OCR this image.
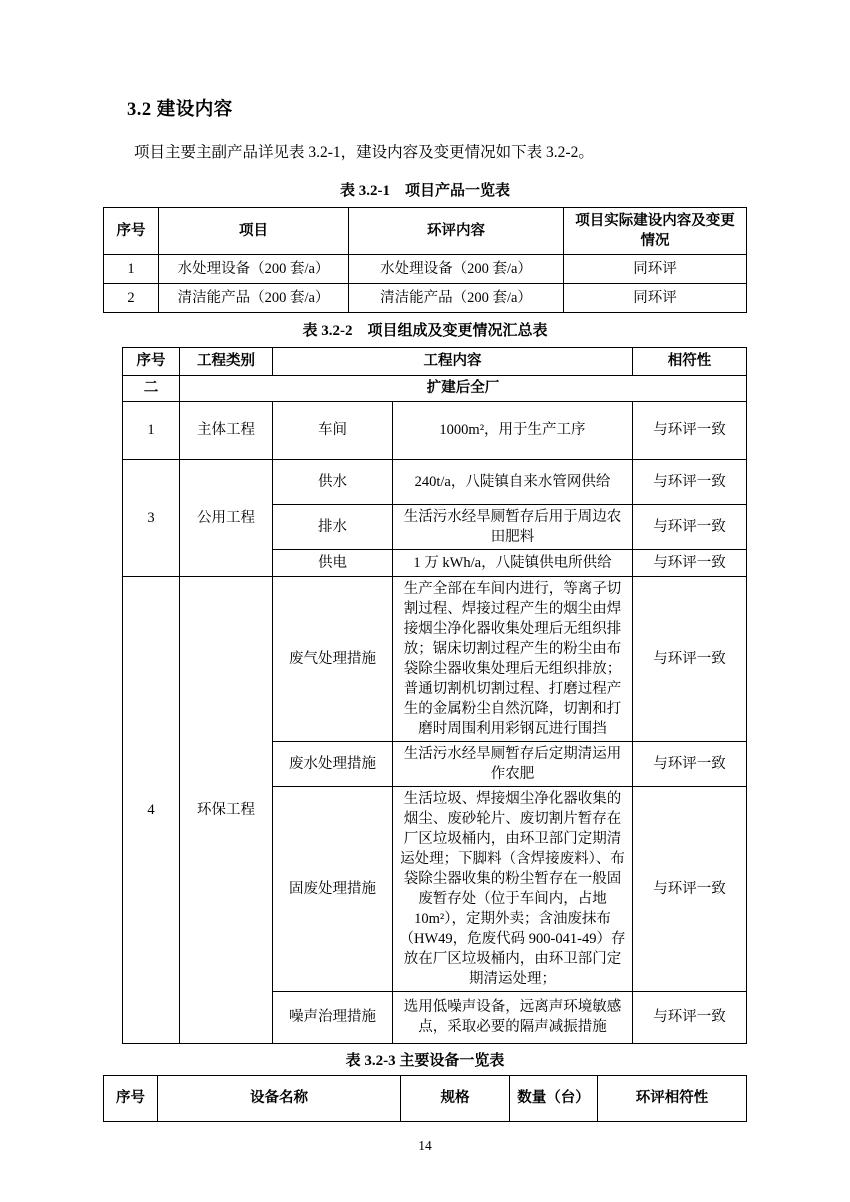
3.2 建设内容

项目主要主副产品详见表 3.2-1，建设内容及变更情况如下表 3.2-2。

表 3.2-1　项目产品一览表
序号	项目	环评内容	项目实际建设内容及变更情况
1	水处理设备（200 套/a）	水处理设备（200 套/a）	同环评
2	清洁能产品（200 套/a）	清洁能产品（200 套/a）	同环评
表 3.2-2　项目组成及变更情况汇总表
序号	工程类别	工程内容		相符性
二	扩建后全厂			
1	主体工程	车间	1000m²，用于生产工序	与环评一致
3	公用工程	供水	240t/a，八陡镇自来水管网供给	与环评一致
		排水	生活污水经旱厕暂存后用于周边农田肥料	与环评一致
		供电	1 万 kWh/a，八陡镇供电所供给	与环评一致
4	环保工程	废气处理措施	生产全部在车间内进行，等离子切割过程、焊接过程产生的烟尘由焊接烟尘净化器收集处理后无组织排放；锯床切割过程产生的粉尘由布袋除尘器收集处理后无组织排放；普通切割机切割过程、打磨过程产生的金属粉尘自然沉降，切割和打磨时周围利用彩钢瓦进行围挡	与环评一致
		废水处理措施	生活污水经旱厕暂存后定期清运用作农肥	与环评一致
		固废处理措施	生活垃圾、焊接烟尘净化器收集的烟尘、废砂轮片、废切割片暂存在厂区垃圾桶内，由环卫部门定期清运处理；下脚料（含焊接废料）、布袋除尘器收集的粉尘暂存在一般固废暂存处（位于车间内，占地10m²），定期外卖；含油废抹布（HW49，危废代码 900-041-49）存放在厂区垃圾桶内，由环卫部门定期清运处理；	与环评一致
		噪声治理措施	选用低噪声设备，远离声环境敏感点，采取必要的隔声减振措施	与环评一致
表 3.2-3 主要设备一览表
序号	设备名称	规格	数量（台）	环评相符性
14
